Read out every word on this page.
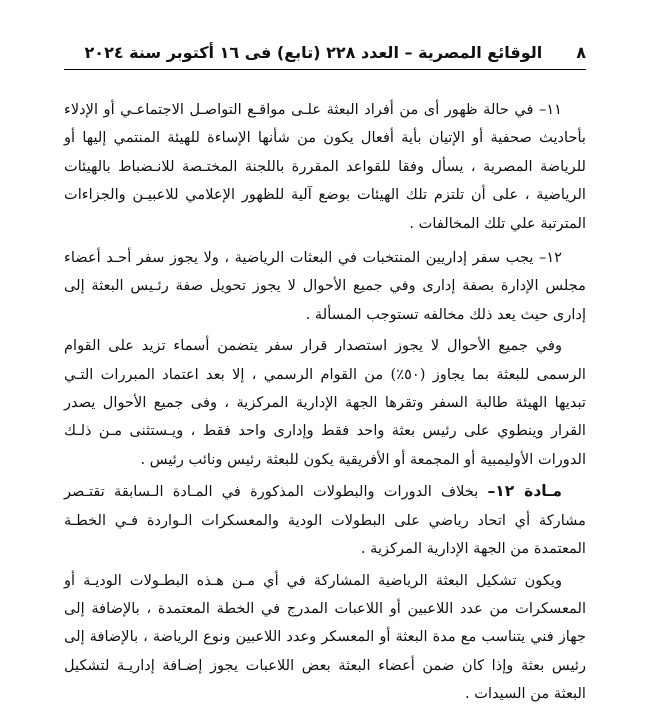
٨
الوقائع المصرية – العدد ٢٢٨ (تابع) فى ١٦ أكتوبر سنة ٢٠٢٤

١١– في حالة ظهور أى من أفراد البعثة علـى مواقـع التواصـل الاجتماعـي أو الإدلاء بأحاديث صحفية أو الإتيان بأية أفعال يكون من شأنها الإساءة للهيئة المنتمي إليها أو للرياضة المصرية ، يسأل وفقا للقواعد المقررة باللجنة المختـصة للانـضباط بالهيئات الرياضية ، على أن تلتزم تلك الهيئات بوضع آلية للظهور الإعلامي للاعبيـن والجزاءات المترتبة علي تلك المخالفات .

١٢– يجب سفر إداريين المنتخبات في البعثات الرياضية ، ولا يجوز سفر أحـد أعضاء مجلس الإدارة بصفة إدارى وفي جميع الأحوال لا يجوز تحويل صفة رئـيس البعثة إلى إدارى حيث يعد ذلك مخالفه تستوجب المسألة .

وفي جميع الأحوال لا يجوز استصدار قرار سفر يتضمن أسماء تزيد على القوام الرسمى للبعثة بما يجاوز (٥٠٪) من القوام الرسمي ، إلا بعد اعتماد المبررات التـي تبديها الهيئة طالبة السفر وتقرها الجهة الإدارية المركزية ، وفى جميع الأحوال يصدر القرار وينطوي على رئيس بعثة واحد فقط وإدارى واحد فقط ، ويـستثنى مـن ذلـك الدورات الأوليمبية أو المجمعة أو الأفريقية يكون للبعثة رئيس ونائب رئيس .

مـادة ١٢– بخلاف الدورات والبطولات المذكورة في المـادة الـسابقة تقتـصر مشاركة أي اتحاد رياضي على البطولات الودية والمعسكرات الـواردة فـي الخطـة المعتمدة من الجهة الإدارية المركزية .

ويكون تشكيل البعثة الرياضية المشاركة في أي مـن هـذه البطـولات الوديـة أو المعسكرات من عدد اللاعبين أو اللاعبات المدرج في الخطة المعتمدة ، بالإضافة إلى جهاز فني يتناسب مع مدة البعثة أو المعسكر وعدد اللاعبين ونوع الرياضة ، بالإضافة إلى رئيس بعثة وإذا كان ضمن أعضاء البعثة بعض اللاعبات يجوز إضـافة إداريـة لتشكيل البعثة من السيدات .
